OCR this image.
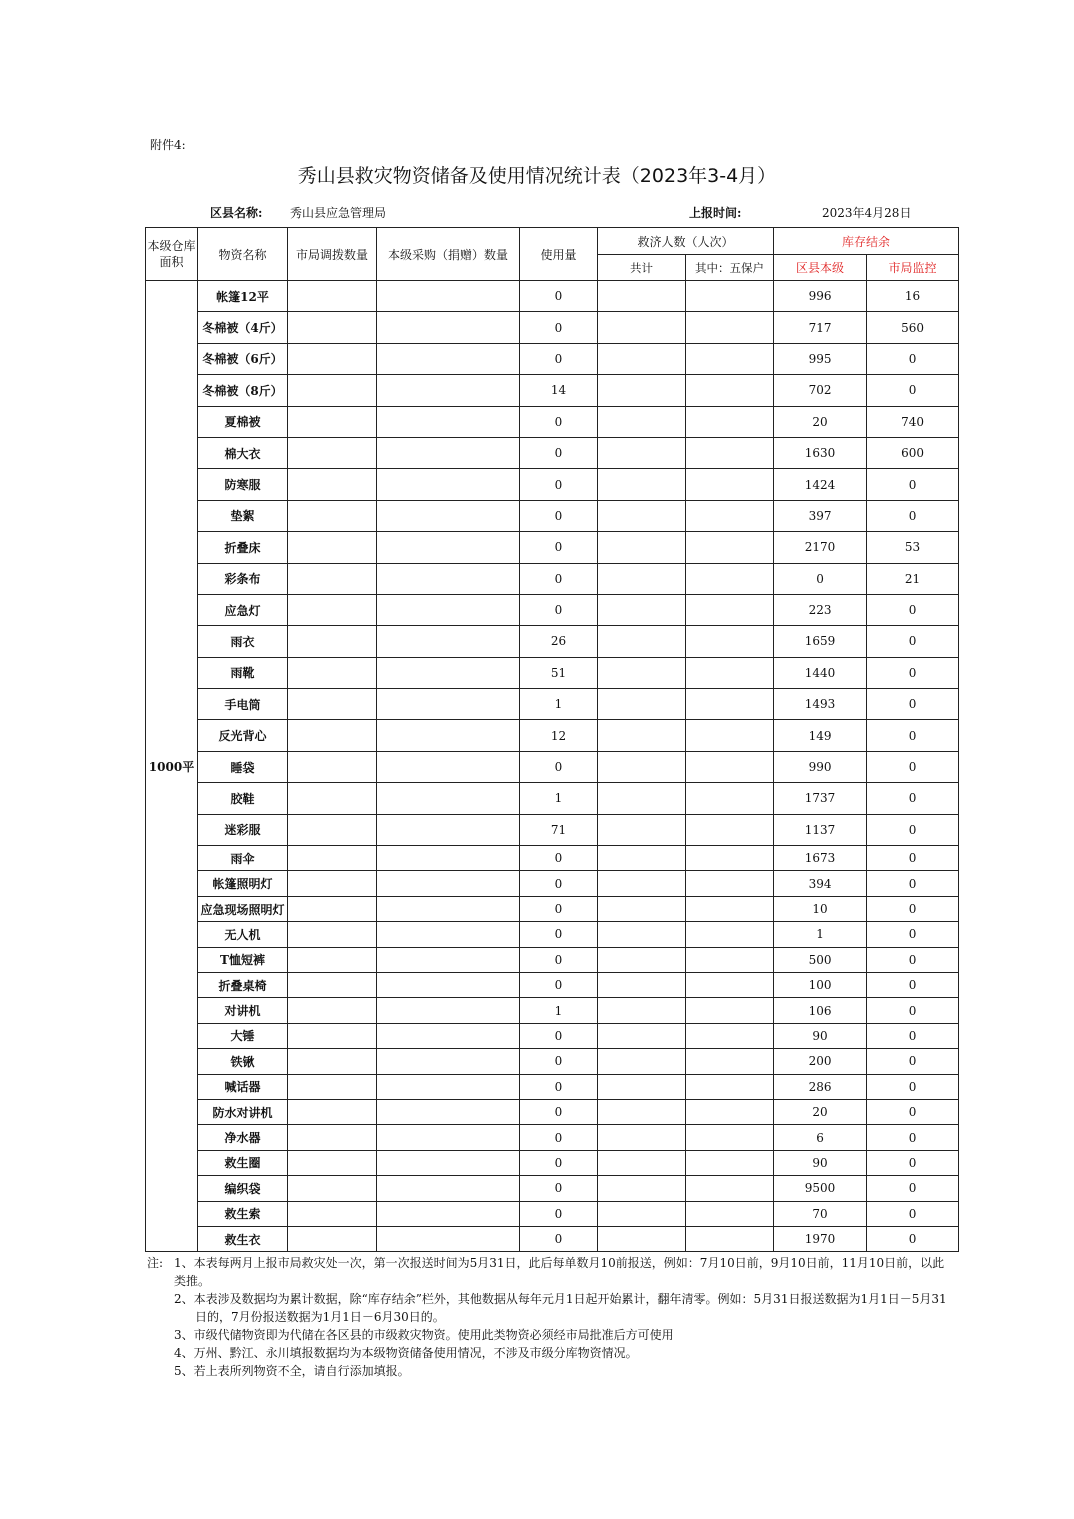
附件4:
秀山县救灾物资储备及使用情况统计表（2023年3-4月）
区县名称: 秀山县应急管理局	上报时间:	2023年4月28日
本级仓库面积	物资名称	市局调拨数量	本级采购（捐赠）数量	使用量	救济人数（人次）		库存结余	
					共计	其中：五保户	区县本级	市局监控
1000平	帐篷12平			0			996	16
	冬棉被（4斤）			0			717	560
	冬棉被（6斤）			0			995	0
	冬棉被（8斤）			14			702	0
	夏棉被			0			20	740
	棉大衣			0			1630	600
	防寒服			0			1424	0
	垫絮			0			397	0
	折叠床			0			2170	53
	彩条布			0			0	21
	应急灯			0			223	0
	雨衣			26			1659	0
	雨靴			51			1440	0
	手电筒			1			1493	0
	反光背心			12			149	0
	睡袋			0			990	0
	胶鞋			1			1737	0
	迷彩服			71			1137	0
	雨伞			0			1673	0
	帐篷照明灯			0			394	0
	应急现场照明灯			0			10	0
	无人机			0			1	0
	T恤短裤			0			500	0
	折叠桌椅			0			100	0
	对讲机			1			106	0
	大锤			0			90	0
	铁锹			0			200	0
	喊话器			0			286	0
	防水对讲机			0			20	0
	净水器			0			6	0
	救生圈			0			90	0
	编织袋			0			9500	0
	救生索			0			70	0
	救生衣			0			1970	0
注: 1、本表每两月上报市局救灾处一次，第一次报送时间为5月31日，此后每单数月10前报送，例如：7月10日前，9月10日前，11月10日前，以此类推。
2、本表涉及数据均为累计数据，除“库存结余”栏外，其他数据从每年元月1日起开始累计，翻年清零。例如：5月31日报送数据为1月1日－5月31日的，7月份报送数据为1月1日－6月30日的。
3、市级代储物资即为代储在各区县的市级救灾物资。使用此类物资必须经市局批准后方可使用
4、万州、黔江、永川填报数据均为本级物资储备使用情况，不涉及市级分库物资情况。
5、若上表所列物资不全，请自行添加填报。
